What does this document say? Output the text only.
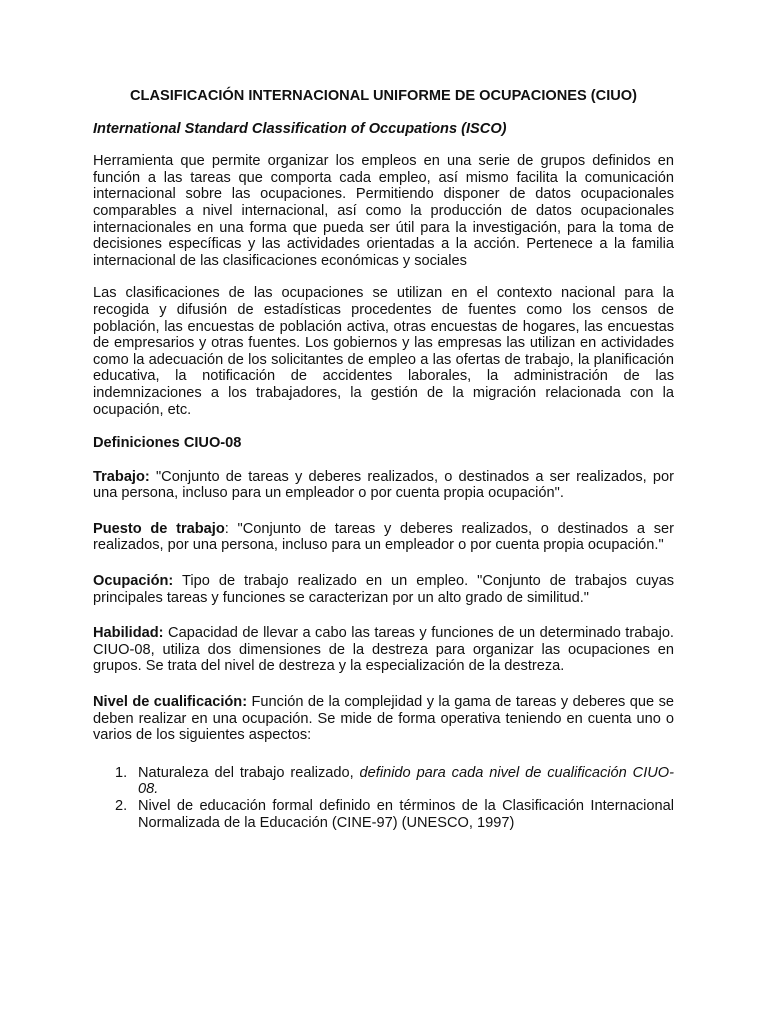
CLASIFICACIÓN INTERNACIONAL UNIFORME DE OCUPACIONES (CIUO)
International Standard Classification of Occupations (ISCO)

Herramienta que permite organizar los empleos en una serie de grupos definidos en función a las tareas que comporta cada empleo, así mismo facilita la comunicación internacional sobre las ocupaciones. Permitiendo disponer de datos ocupacionales comparables a nivel internacional, así como la producción de datos ocupacionales internacionales en una forma que pueda ser útil para la investigación, para la toma de decisiones específicas y las actividades orientadas a la acción. Pertenece a la familia internacional de las clasificaciones económicas y sociales

Las clasificaciones de las ocupaciones se utilizan en el contexto nacional para la recogida y difusión de estadísticas procedentes de fuentes como los censos de población, las encuestas de población activa, otras encuestas de hogares, las encuestas de empresarios y otras fuentes. Los gobiernos y las empresas las utilizan en actividades como la adecuación de los solicitantes de empleo a las ofertas de trabajo, la planificación educativa, la notificación de accidentes laborales, la administración de las indemnizaciones a los trabajadores, la gestión de la migración relacionada con la ocupación, etc.

Definiciones CIUO-08

Trabajo: "Conjunto de tareas y deberes realizados, o destinados a ser realizados, por una persona, incluso para un empleador o por cuenta propia ocupación".

Puesto de trabajo: "Conjunto de tareas y deberes realizados, o destinados a ser realizados, por una persona, incluso para un empleador o por cuenta propia ocupación."

Ocupación: Tipo de trabajo realizado en un empleo. "Conjunto de trabajos cuyas principales tareas y funciones se caracterizan por un alto grado de similitud."

Habilidad: Capacidad de llevar a cabo las tareas y funciones de un determinado trabajo. CIUO-08, utiliza dos dimensiones de la destreza para organizar las ocupaciones en grupos. Se trata del nivel de destreza y la especialización de la destreza.

Nivel de cualificación: Función de la complejidad y la gama de tareas y deberes que se deben realizar en una ocupación. Se mide de forma operativa teniendo en cuenta uno o varios de los siguientes aspectos:

1. Naturaleza del trabajo realizado, definido para cada nivel de cualificación CIUO-08.
2. Nivel de educación formal definido en términos de la Clasificación Internacional Normalizada de la Educación (CINE-97) (UNESCO, 1997)
